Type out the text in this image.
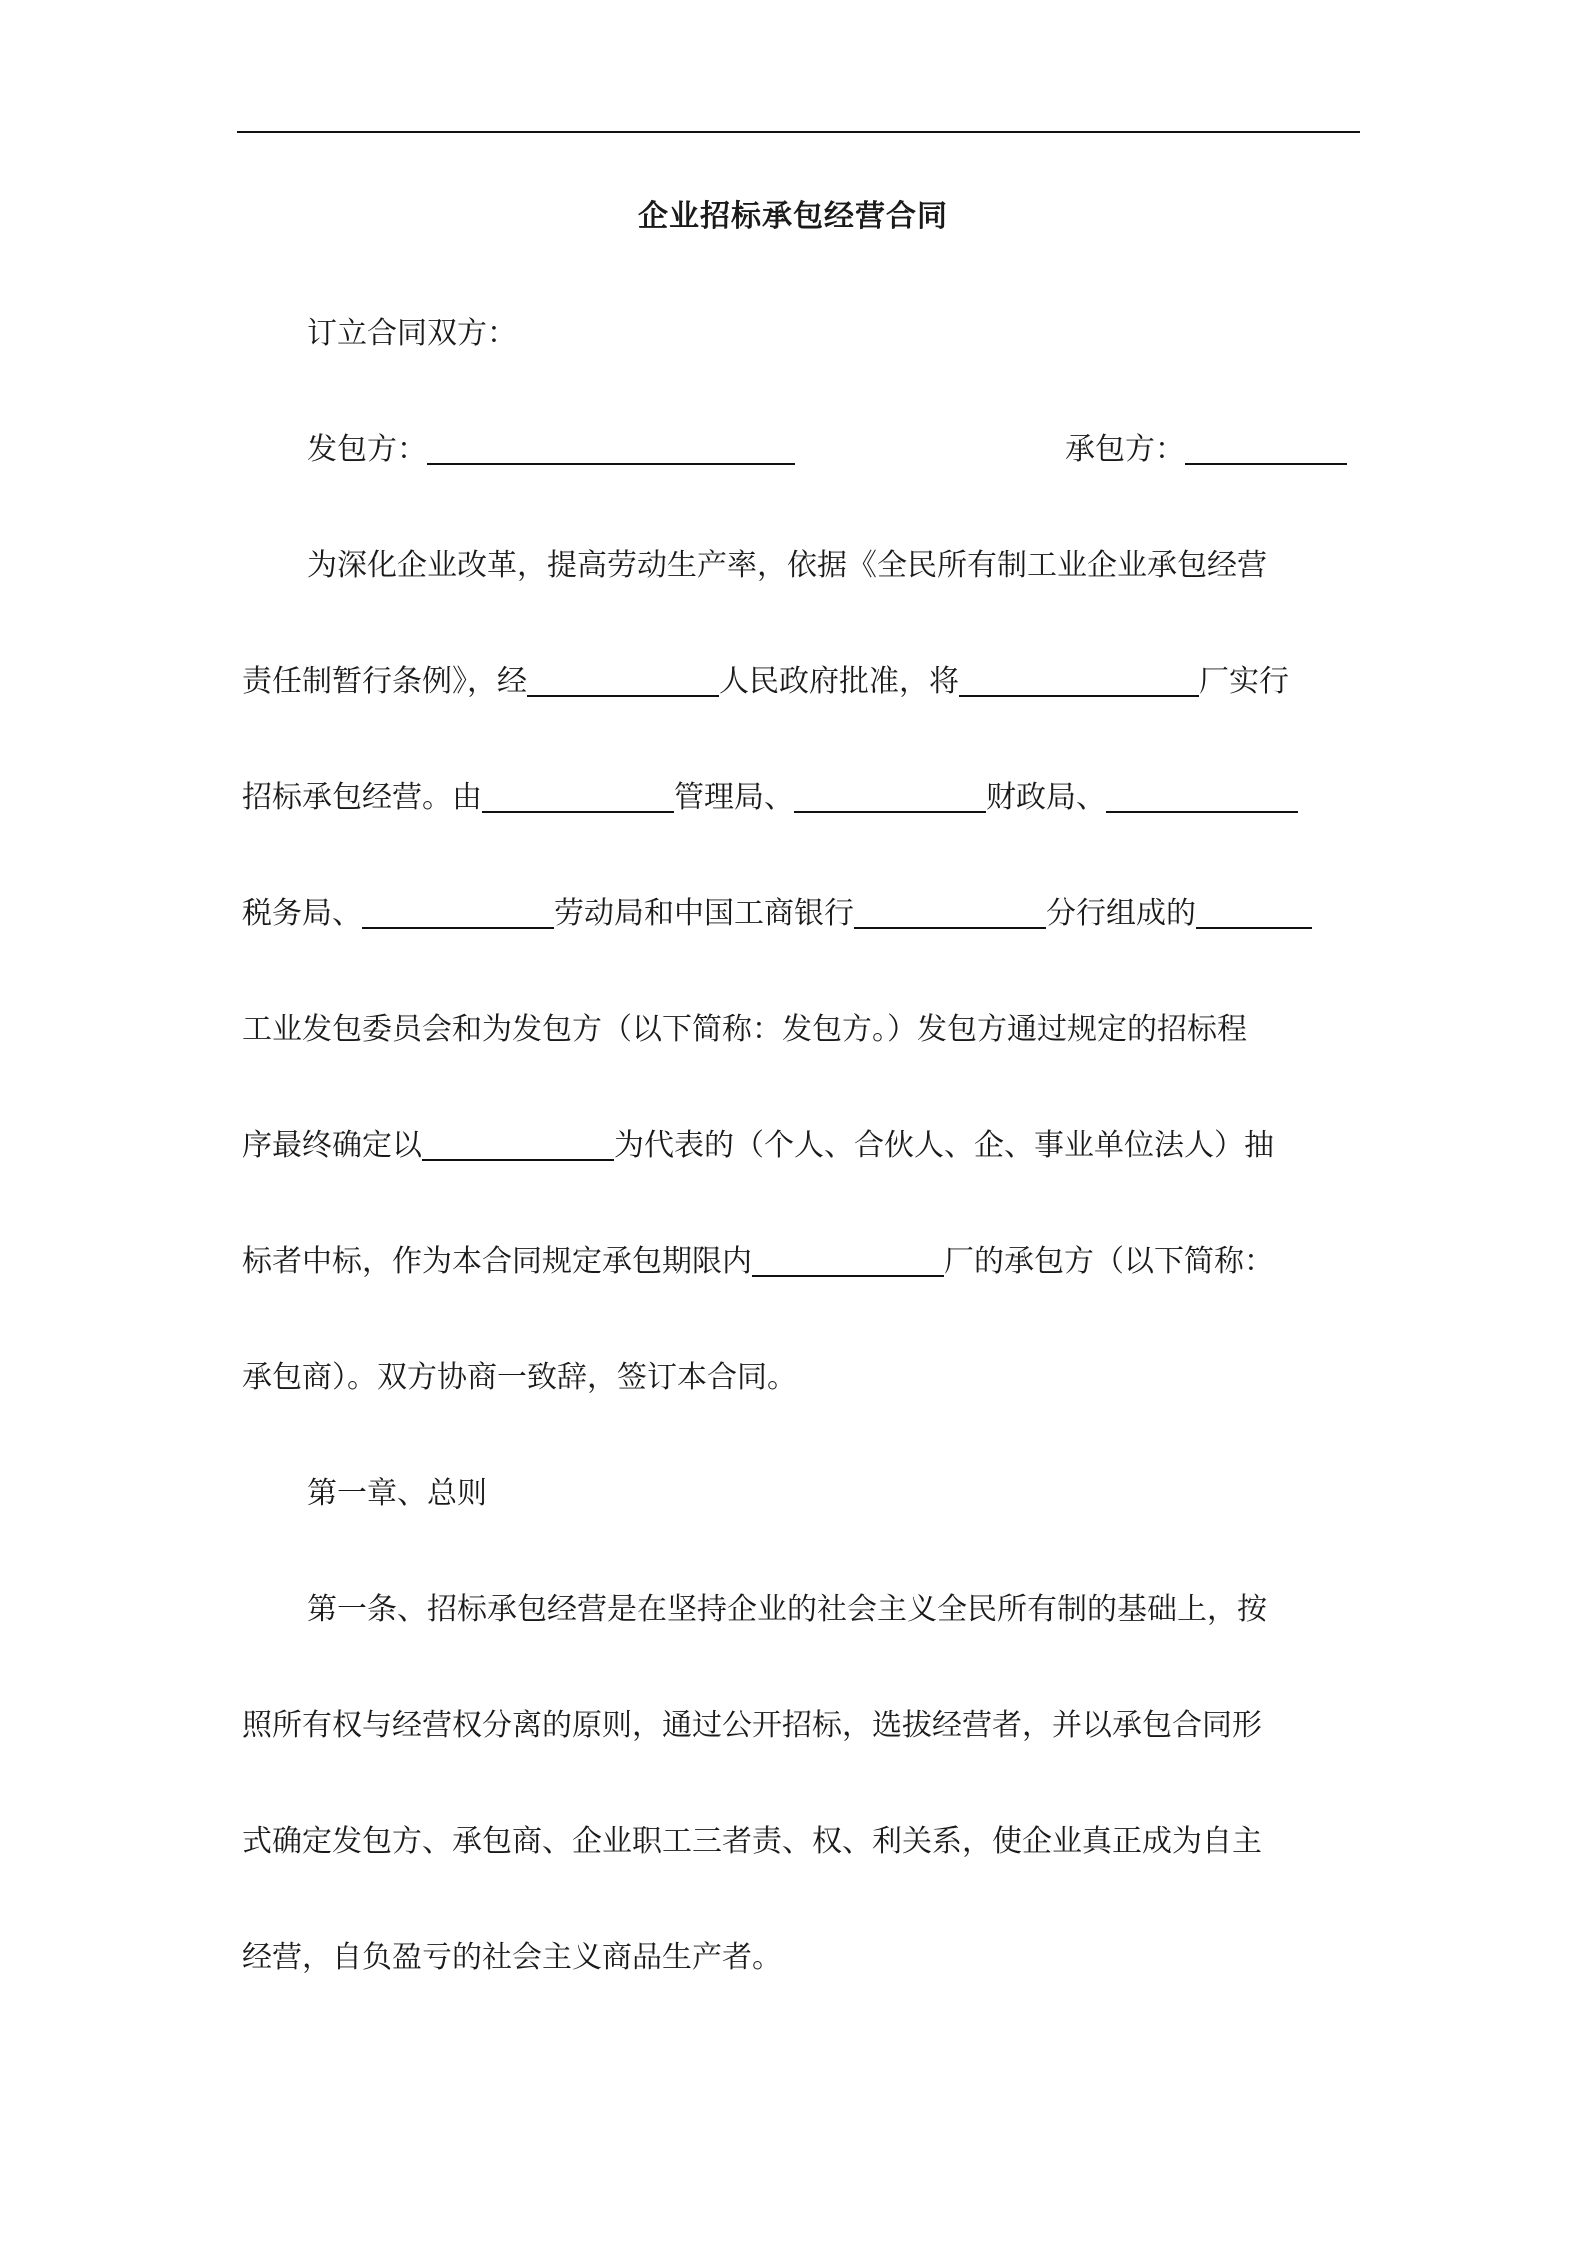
企业招标承包经营合同
订立合同双方：
发包方：	承包方：
为深化企业改革，提高劳动生产率，依据《全民所有制工业企业承包经营
责任制暂行条例》，经	人民政府批准，将	厂实行
招标承包经营。由	管理局、	财政局、
税务局、	劳动局和中国工商银行	分行组成的
工业发包委员会和为发包方（以下简称：发包方。）发包方通过规定的招标程
序最终确定以	为代表的（个人、合伙人、企、事业单位法人）抽
标者中标，作为本合同规定承包期限内	厂的承包方（以下简称：
承包商）。双方协商一致辞，签订本合同。
第一章、总则
第一条、招标承包经营是在坚持企业的社会主义全民所有制的基础上，按
照所有权与经营权分离的原则，通过公开招标，选拔经营者，并以承包合同形
式确定发包方、承包商、企业职工三者责、权、利关系，使企业真正成为自主
经营，自负盈亏的社会主义商品生产者。
